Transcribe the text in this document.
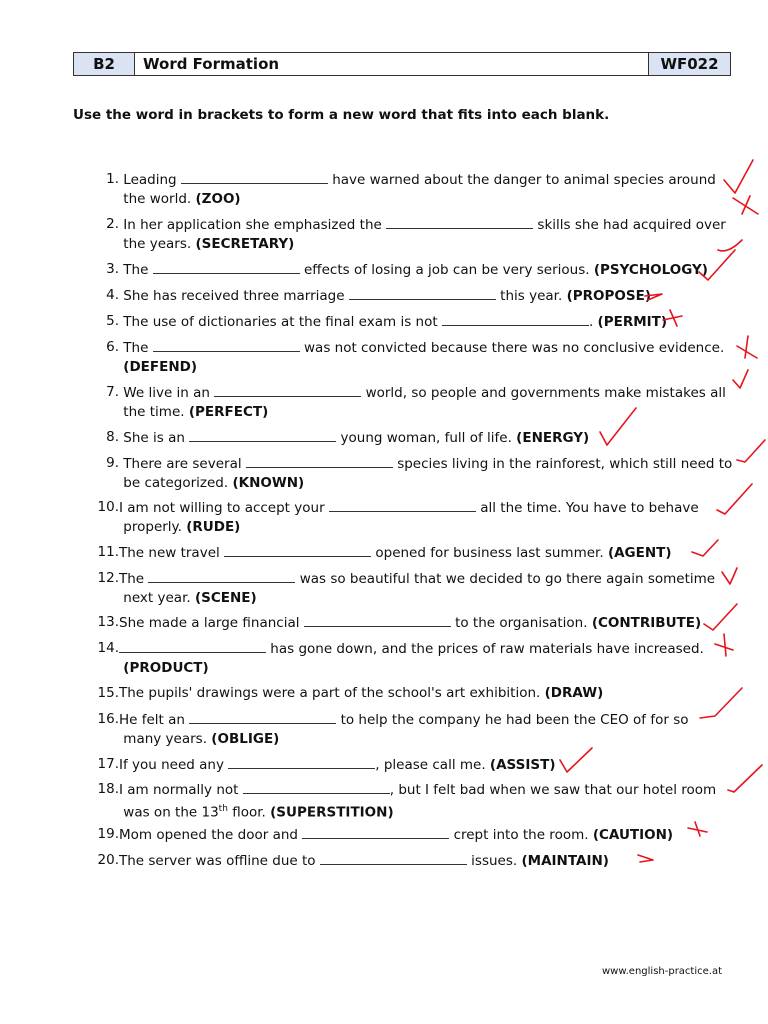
B2	Word Formation	WF022
Use the word in brackets to form a new word that fits into each blank.
1. Leading	have warned about the danger to animal species around
the world. (ZOO)
2. In her application she emphasized the	skills she had acquired over
the years. (SECRETARY)
3. The	effects of losing a job can be very serious. (PSYCHOLOGY)
4. She has received three marriage	this year. (PROPOSE)
5. The use of dictionaries at the final exam is not	. (PERMIT)
6. The	was not convicted because there was no conclusive evidence.
(DEFEND)
7. We live in an	world, so people and governments make mistakes all
the time. (PERFECT)
8. She is an	young woman, full of life. (ENERGY)
9. There are several	species living in the rainforest, which still need to
be categorized. (KNOWN)
10. I am not willing to accept your	all the time. You have to behave
properly. (RUDE)
11. The new travel	opened for business last summer. (AGENT)
12. The	was so beautiful that we decided to go there again sometime
next year. (SCENE)
13. She made a large financial	to the organisation. (CONTRIBUTE)
14.	has gone down, and the prices of raw materials have increased.
(PRODUCT)
15. The pupils' drawings were a part of the school's art exhibition. (DRAW)
16. He felt an	to help the company he had been the CEO of for so
many years. (OBLIGE)
17. If you need any	, please call me. (ASSIST)
18. I am normally not	, but I felt bad when we saw that our hotel room
was on the 13th floor. (SUPERSTITION)
19. Mom opened the door and	crept into the room. (CAUTION)
20. The server was offline due to	issues. (MAINTAIN)
www.english-practice.at
